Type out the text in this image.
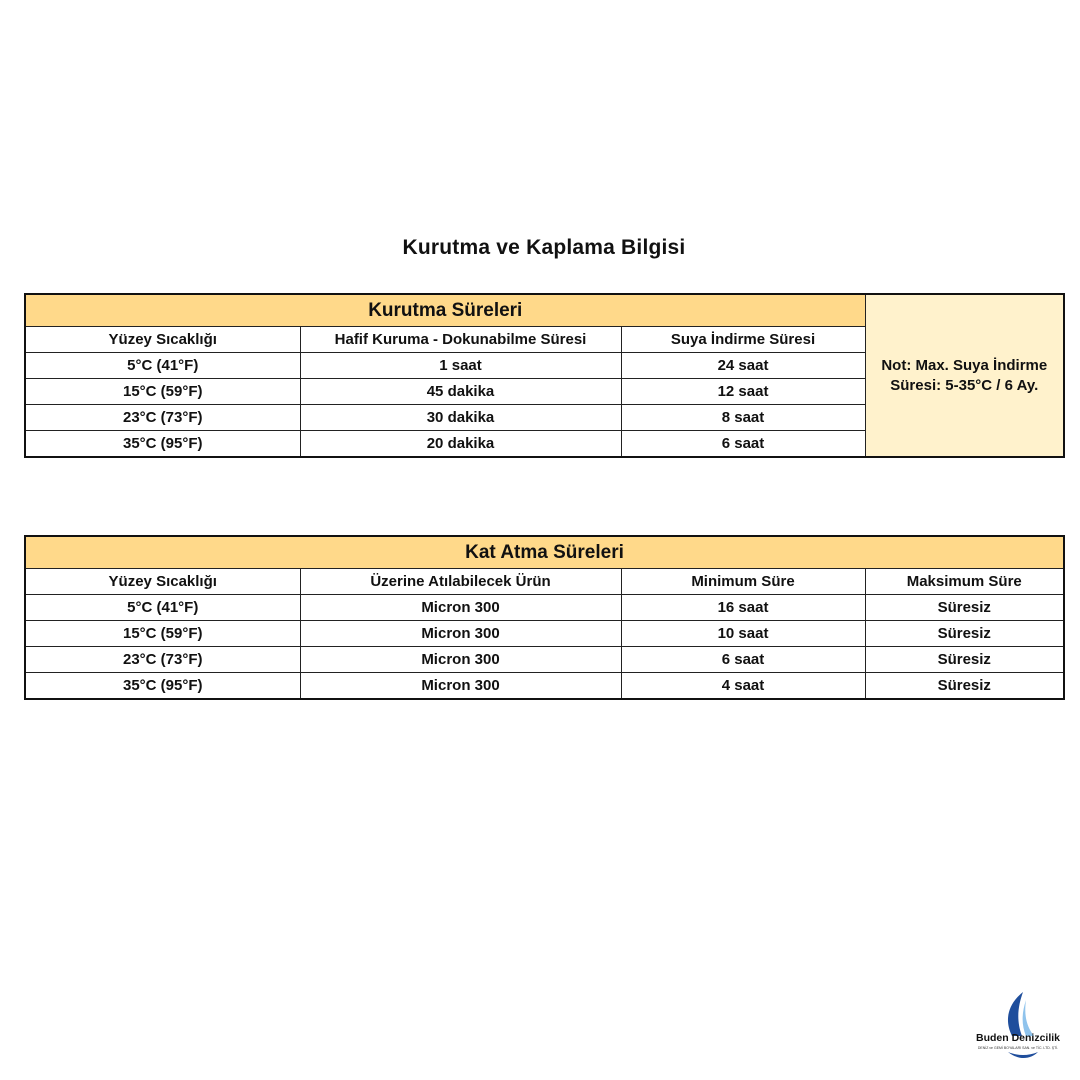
Kurutma ve Kaplama Bilgisi
Kurutma Süreleri			Not: Max. Suya İndirme Süresi: 5-35°C / 6 Ay.
Yüzey Sıcaklığı	Hafif Kuruma - Dokunabilme Süresi	Suya İndirme Süresi	
5°C (41°F)	1 saat	24 saat	
15°C (59°F)	45 dakika	12 saat	
23°C (73°F)	30 dakika	8 saat	
35°C (95°F)	20 dakika	6 saat	
Kat Atma Süreleri			
Yüzey Sıcaklığı	Üzerine Atılabilecek Ürün	Minimum Süre	Maksimum Süre
5°C (41°F)	Micron 300	16 saat	Süresiz
15°C (59°F)	Micron 300	10 saat	Süresiz
23°C (73°F)	Micron 300	6 saat	Süresiz
35°C (95°F)	Micron 300	4 saat	Süresiz
Buden Denizcilik
DENİZ ve GEMİ BOYALARI SAN. ve TİC. LTD. ŞTİ.
